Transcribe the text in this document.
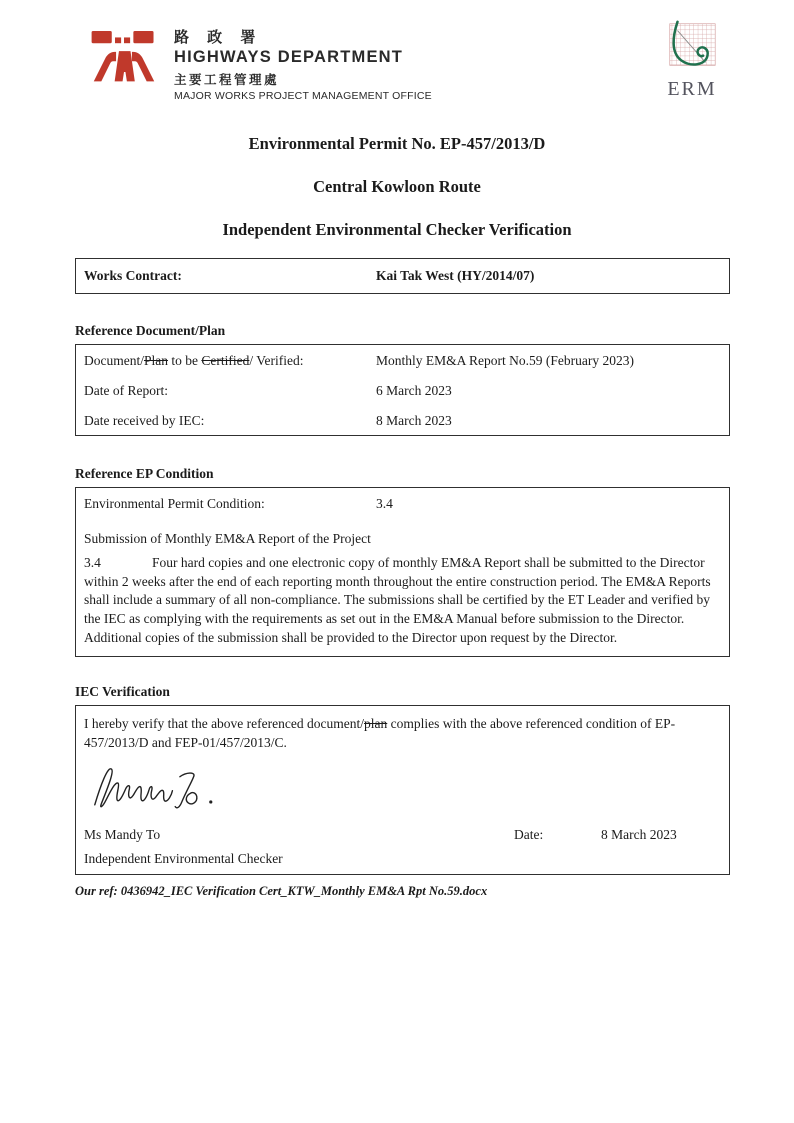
路 政 署
HIGHWAYS DEPARTMENT
主要工程管理處
MAJOR WORKS PROJECT MANAGEMENT OFFICE	ERM
Environmental Permit No. EP-457/2013/D
Central Kowloon Route
Independent Environmental Checker Verification
Works Contract:	Kai Tak West (HY/2014/07)
Reference Document/Plan
Document/Plan to be Certified/ Verified:	Monthly EM&A Report No.59 (February 2023)
Date of Report:	6 March 2023
Date received by IEC:	8 March 2023
Reference EP Condition
Environmental Permit Condition:	3.4
Submission of Monthly EM&A Report of the Project
3.4	Four hard copies and one electronic copy of monthly EM&A Report shall be submitted to the Director within 2 weeks after the end of each reporting month throughout the entire construction period. The EM&A Reports shall include a summary of all non-compliance. The submissions shall be certified by the ET Leader and verified by the IEC as complying with the requirements as set out in the EM&A Manual before submission to the Director. Additional copies of the submission shall be provided to the Director upon request by the Director.
IEC Verification
I hereby verify that the above referenced document/plan complies with the above referenced condition of EP-457/2013/D and FEP-01/457/2013/C.
Ms Mandy To	Date:	8 March 2023
Independent Environmental Checker
Our ref: 0436942_IEC Verification Cert_KTW_Monthly EM&A Rpt No.59.docx
